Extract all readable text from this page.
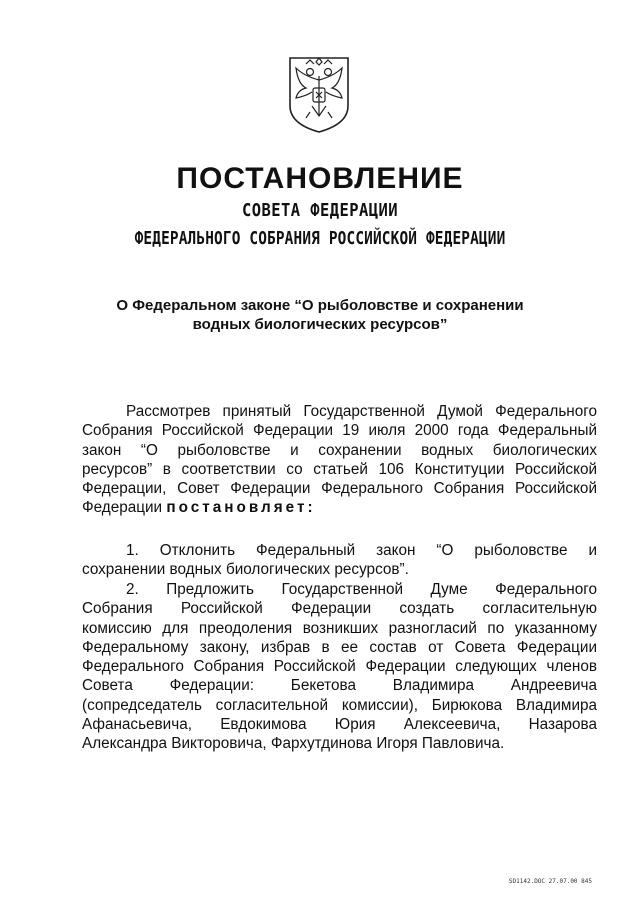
ПОСТАНОВЛЕНИЕ
СОВЕТА ФЕДЕРАЦИИ
ФЕДЕРАЛЬНОГО СОБРАНИЯ РОССИЙСКОЙ ФЕДЕРАЦИИ
О Федеральном законе “О рыболовстве и сохранении
водных биологических ресурсов”
Рассмотрев принятый Государственной Думой Федерального
Собрания Российской Федерации 19 июля 2000 года Федеральный
закон “О рыболовстве и сохранении водных биологических
ресурсов” в соответствии со статьей 106 Конституции Российской
Федерации, Совет Федерации Федерального Собрания Российской
Федерации постановляет:
1. Отклонить Федеральный закон “О рыболовстве и
сохранении водных биологических ресурсов”.
2. Предложить Государственной Думе Федерального
Собрания Российской Федерации создать согласительную
комиссию для преодоления возникших разногласий по указанному
Федеральному закону, избрав в ее состав от Совета Федерации
Федерального Собрания Российской Федерации следующих членов
Совета Федерации: Бекетова Владимира Андреевича
(сопредседатель согласительной комиссии), Бирюкова Владимира
Афанасьевича, Евдокимова Юрия Алексеевича, Назарова
Александра Викторовича, Фархутдинова Игоря Павловича.
SD1142.DOC 27.07.00 845
